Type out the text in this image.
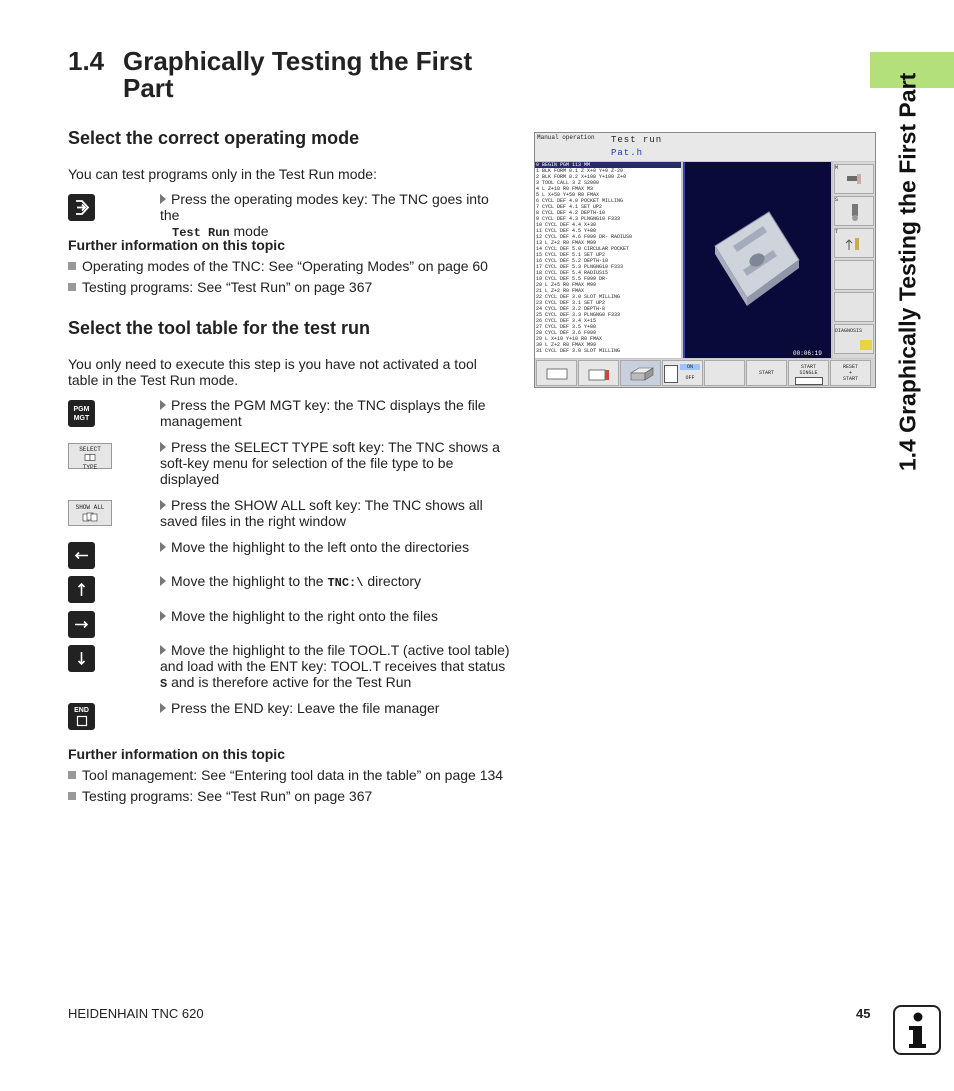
1.4 Graphically Testing the First Part	1.4 Graphically Testing the First Part
Select the correct operating mode

You can test programs only in the Test Run mode:

Press the operating modes key: The TNC goes into the
Test Run mode
Further information on this topic
Operating modes of the TNC: See “Operating Modes” on page 60
Testing programs: See “Test Run” on page 367
Select the tool table for the test run

You only need to execute this step is you have not activated a tool table in the Test Run mode.

PGM MGT
Press the PGM MGT key: the TNC displays the file management
SELECT
TYPE
Press the SELECT TYPE soft key: The TNC shows a soft-key menu for selection of the file type to be displayed
SHOW ALL	Press the SHOW ALL soft key: The TNC shows all saved files in the right window
Move the highlight to the left onto the directories
Move the highlight to the TNC:\ directory
Move the highlight to the right onto the files
Move the highlight to the file TOOL.T (active tool table) and load with the ENT key: TOOL.T receives that status S and is therefore active for the Test Run
END	Press the END key: Leave the file manager
Further information on this topic
Tool management: See “Entering tool data in the table” on page 134
Testing programs: See “Test Run” on page 367
Manual operation Test run
Pat.h
0 BEGIN PGM 113 MM
1 BLK FORM 0.1 Z X+0 Y+0 Z-20
2 BLK FORM 0.2 X+100 Y+100 Z+0
3 TOOL CALL 3 Z S2000
4 L Z+10 R0 FMAX M3
5 L X+50 Y+50 R0 FMAX
6 CYCL DEF 4.0 POCKET MILLING
7 CYCL DEF 4.1 SET UP2
8 CYCL DEF 4.2 DEPTH-10
9 CYCL DEF 4.3 PLNGNG10 F333
10 CYCL DEF 4.4 X+30
11 CYCL DEF 4.5 Y+80
12 CYCL DEF 4.6 F999 DR- RADIUS0
13 L Z+2 R0 FMAX M99
14 CYCL DEF 5.0 CIRCULAR POCKET
15 CYCL DEF 5.1 SET UP2
16 CYCL DEF 5.2 DEPTH-10
17 CYCL DEF 5.3 PLNGNG10 F333
18 CYCL DEF 5.4 RADIUS15
19 CYCL DEF 5.5 F999 DR-
20 L Z+5 R0 FMAX M99
21 L Z+2 R0 FMAX
22 CYCL DEF 3.0 SLOT MILLING
23 CYCL DEF 3.1 SET UP2
24 CYCL DEF 3.2 DEPTH-8
25 CYCL DEF 3.3 PLNGNG0 F333
26 CYCL DEF 3.4 X+15
27 CYCL DEF 3.5 Y+80
28 CYCL DEF 3.6 F999
29 L X+10 Y+10 R0 FMAX
30 L Z+2 R0 FMAX M99
31 CYCL DEF 3.0 SLOT MILLING	00:06:19
M
S
T
DIAGNOSIS
ON
OFF
START
START
SINGLE
RESET
+
START
HEIDENHAIN TNC 620	45
